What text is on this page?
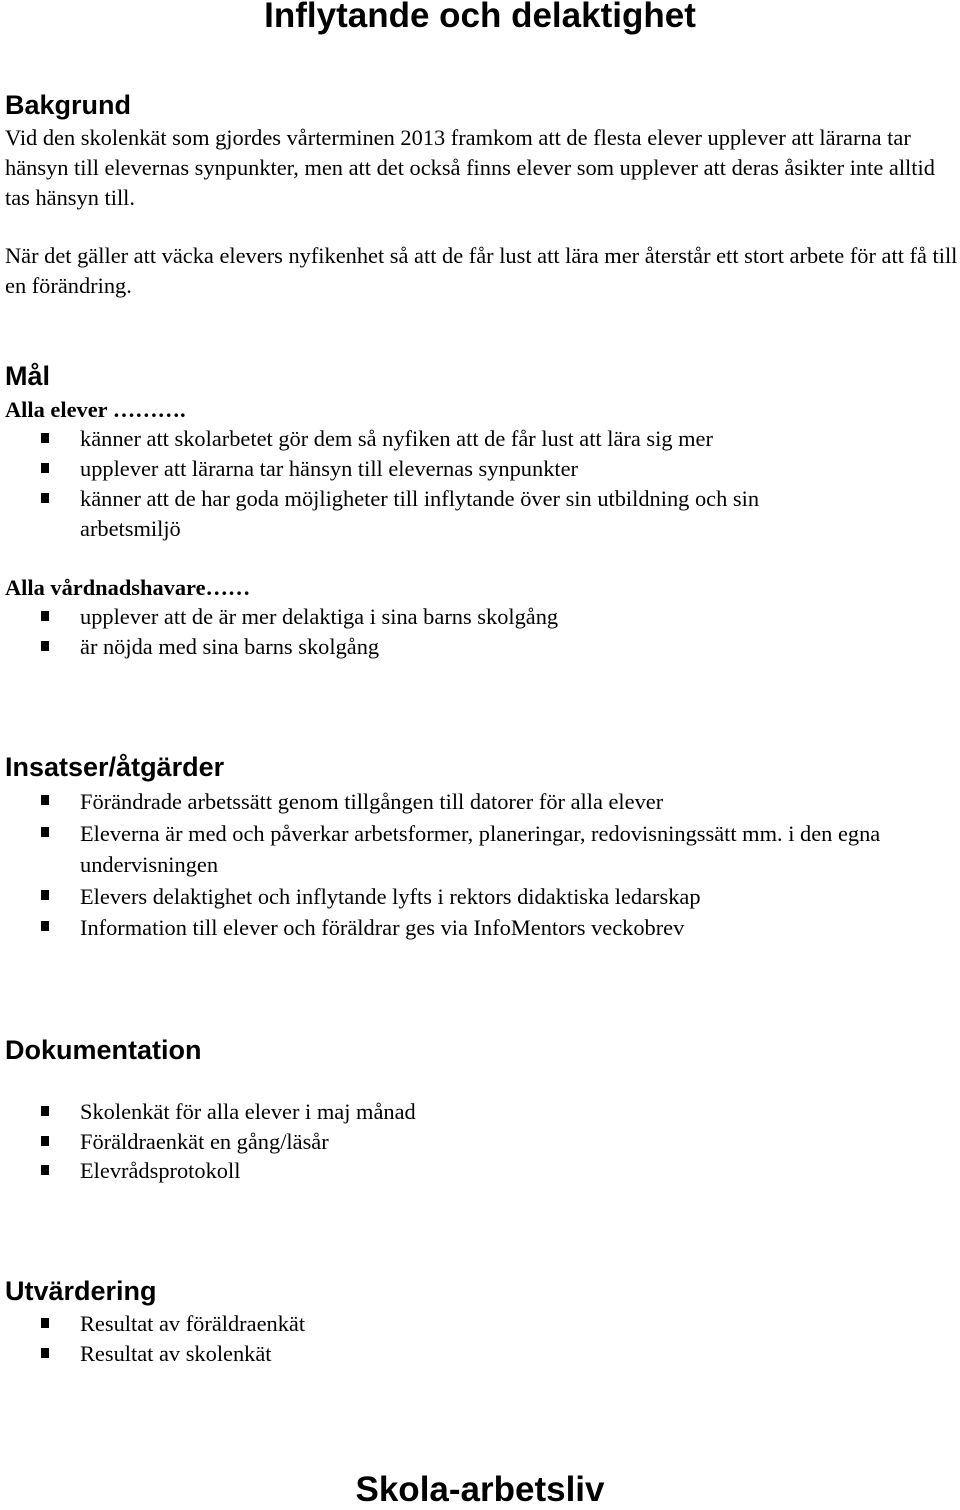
Inflytande och delaktighet
Bakgrund

Vid den skolenkät som gjordes vårterminen 2013 framkom att de flesta elever upplever att lärarna tar hänsyn till elevernas synpunkter, men att det också finns elever som upplever att deras åsikter inte alltid tas hänsyn till.

När det gäller att väcka elevers nyfikenhet så att de får lust att lära mer återstår ett stort arbete för att få till en förändring.

Mål
Alla elever ……….
känner att skolarbetet gör dem så nyfiken att de får lust att lära sig mer
upplever att lärarna tar hänsyn till elevernas synpunkter
känner att de har goda möjligheter till inflytande över sin utbildning och sin arbetsmiljö
Alla vårdnadshavare……
upplever att de är mer delaktiga i sina barns skolgång
är nöjda med sina barns skolgång
Insatser/åtgärder
Förändrade arbetssätt genom tillgången till datorer för alla elever
Eleverna är med och påverkar arbetsformer, planeringar, redovisningssätt mm. i den egna undervisningen
Elevers delaktighet och inflytande lyfts i rektors didaktiska ledarskap
Information till elever och föräldrar ges via InfoMentors veckobrev
Dokumentation
Skolenkät för alla elever i maj månad
Föräldraenkät en gång/läsår
Elevrådsprotokoll
Utvärdering
Resultat av föräldraenkät
Resultat av skolenkät
Skola-arbetsliv
